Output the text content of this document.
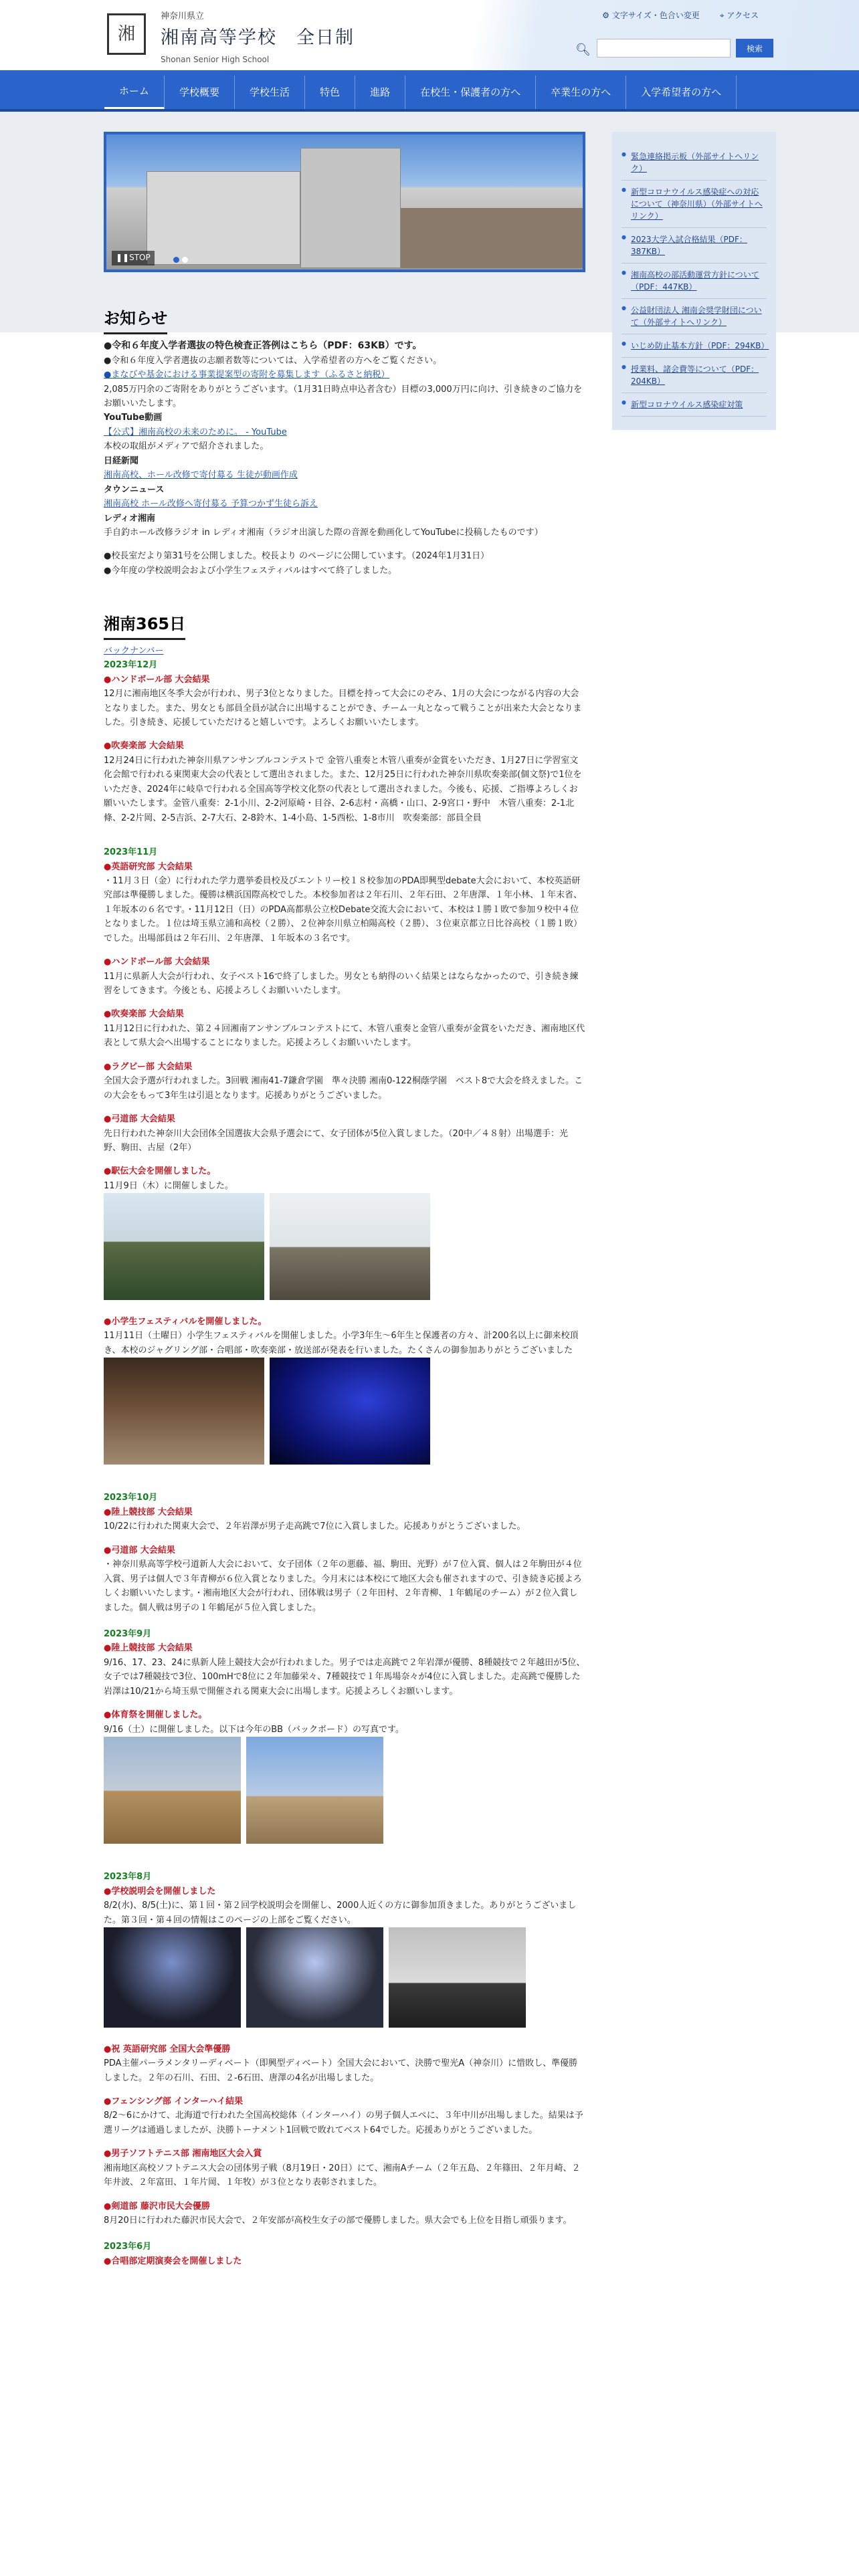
湘
神奈川県立
湘南高等学校　全日制
Shonan Senior High School
⚙ 文字サイズ・色合い変更	⌖ アクセス
🔍︎	検索
ホーム	学校概要	学校生活	特色	進路	在校生・保護者の方へ	卒業生の方へ	入学希望者の方へ
● 緊急連絡掲示板（外部サイトへリンク）
● 新型コロナウイルス感染症への対応について（神奈川県）（外部サイトへリンク）
● 2023大学入試合格結果（PDF：387KB）
● 湘南高校の部活動運営方針について（PDF：447KB）
● 公益財団法人 湘南会奨学財団について（外部サイトへリンク）
● いじめ防止基本方針（PDF：294KB）
● 授業料、諸会費等について（PDF：204KB）
● 新型コロナウイルス感染症対策
❚❚STOP
お知らせ
●令和６年度入学者選抜の特色検査正答例はこちら（PDF：63KB）です。
●令和６年度入学者選抜の志願者数等については、入学希望者の方へをご覧ください。
●まなびや基金における事業提案型の寄附を募集します（ふるさと納税）
2,085万円余のご寄附をありがとうございます。（1月31日時点申込者含む）目標の3,000万円に向け、引き続きのご協力をお願いいたします。
YouTube動画
【公式】湘南高校の未来のために。 - YouTube
本校の取組がメディアで紹介されました。
日経新聞
湘南高校、ホール改修で寄付募る 生徒が動画作成
タウンニュース
湘南高校 ホール改修へ寄付募る 予算つかず生徒ら訴え
レディオ湘南
手自釣ホール改修ラジオ in レディオ湘南（ラジオ出演した際の音源を動画化してYouTubeに投稿したものです）
●校長室だより第31号を公開しました。校長より のページに公開しています。（2024年1月31日）
●今年度の学校説明会および小学生フェスティバルはすべて終了しました。
湘南365日
バックナンバー
2023年12月
●ハンドボール部 大会結果
12月に湘南地区冬季大会が行われ、男子3位となりました。目標を持って大会にのぞみ、1月の大会につながる内容の大会となりました。また、男女とも部員全員が試合に出場することができ、チーム一丸となって戦うことが出来た大会となりました。引き続き、応援していただけると嬉しいです。よろしくお願いいたします。
●吹奏楽部 大会結果
12月24日に行われた神奈川県アンサンブルコンテストで 金管八重奏と木管八重奏が金賞をいただき、1月27日に学習室文化会館で行われる東関東大会の代表として選出されました。また、12月25日に行われた神奈川県吹奏楽部(個文祭)で1位をいただき、2024年に岐阜で行われる全国高等学校文化祭の代表として選出されました。今後も、応援、ご指導よろしくお願いいたします。金管八重奏：2-1小川、2-2河原崎・目谷、2-6志村・高橋・山口、2-9宮口・野中　木管八重奏：2-1北條、2-2片岡、2-5吉浜、2-7大石、2-8鈴木、1-4小島、1-5西松、1-8市川　吹奏楽部：部員全員
2023年11月
●英語研究部 大会結果
・11月３日（金）に行われた学力選挙委員校及びエントリー校１８校参加のPDA即興型debate大会において、本校英語研究部は準優勝しました。優勝は横浜国際高校でした。本校参加者は２年石川、２年石田、２年唐澤、１年小林、１年末省、１年坂本の６名です。・11月12日（日）のPDA高都県公立校Debate交流大会において、本校は１勝１敗で参加９校中４位となりました。１位は埼玉県立浦和高校（２勝）、２位神奈川県立柏陽高校（２勝）、３位東京都立日比谷高校（１勝１敗）でした。出場部員は２年石川、２年唐澤、１年坂本の３名です。
●ハンドボール部 大会結果
11月に県新人大会が行われ、女子ベスト16で終了しました。男女とも納得のいく結果とはならなかったので、引き続き練習をしてきます。今後とも、応援よろしくお願いいたします。
●吹奏楽部 大会結果
11月12日に行われた、第２４回湘南アンサンブルコンテストにて、木管八重奏と金管八重奏が金賞をいただき、湘南地区代表として県大会へ出場することになりました。応援よろしくお願いいたします。
●ラグビー部 大会結果
全国大会予選が行われました。3回戦 湘南41-7鎌倉学園　準々決勝 湘南0-122桐蔭学園　ベスト8で大会を終えました。この大会をもって3年生は引退となります。応援ありがとうございました。
●弓道部 大会結果
先日行われた神奈川大会団体全国選抜大会県予選会にて、女子団体が5位入賞しました。（20中／４８射）出場選手：光野、駒田、古屋（2年）
●駅伝大会を開催しました。
11月9日（木）に開催しました。
●小学生フェスティバルを開催しました。
11月11日（土曜日）小学生フェスティバルを開催しました。小学3年生～6年生と保護者の方々、計200名以上に御来校頂き、本校のジャグリング部・合唱部・吹奏楽部・放送部が発表を行いました。たくさんの御参加ありがとうございました
2023年10月
●陸上競技部 大会結果
10/22に行われた関東大会で、２年岩澤が男子走高跳で7位に入賞しました。応援ありがとうございました。
●弓道部 大会結果
・神奈川県高等学校弓道新人大会において、女子団体（２年の悪藤、福、駒田、光野）が７位入賞、個人は２年駒田が４位入賞、男子は個人で３年青柳が６位入賞となりました。今月末には本校にて地区大会も催されますので、引き続き応援よろしくお願いいたします。・湘南地区大会が行われ、団体戦は男子（２年田村、２年青柳、１年鶴尾のチーム）が２位入賞しました。個人戦は男子の１年鶴尾が５位入賞しました。
2023年9月
●陸上競技部 大会結果
9/16、17、23、24に県新人陸上競技大会が行われました。男子では走高跳で２年岩澤が優勝、8種競技で２年越田が5位、女子では7種競技で3位、100mHで8位に２年加藤栄々、7種競技で１年馬場奈々が4位に入賞しました。走高跳で優勝した岩澤は10/21から埼玉県で開催される関東大会に出場します。応援よろしくお願いします。
●体育祭を開催しました。
9/16（土）に開催しました。以下は今年のBB（バックボード）の写真です。
2023年8月
●学校説明会を開催しました
8/2(水)、8/5(土)に、第１回・第２回学校説明会を開催し、2000人近くの方に御参加頂きました。ありがとうございました。第３回・第４回の情報はこのページの上部をご覧ください。
●祝 英語研究部 全国大会準優勝
PDA主催パーラメンタリーディベート（即興型ディベート）全国大会において、決勝で聖光A（神奈川）に惜敗し、準優勝しました。２年の石川、石田、２-6石田、唐澤の4名が出場しました。
●フェンシング部 インターハイ結果
8/2～6にかけて、北海道で行われた全国高校総体（インターハイ）の男子個人エペに、３年中川が出場しました。結果は予選リーグは通過しましたが、決勝トーナメント1回戦で敗れてベスト64でした。応援ありがとうございました。
●男子ソフトテニス部 湘南地区大会入賞
湘南地区高校ソフトテニス大会の団体男子戦（8月19日・20日）にて、湘南Aチーム（２年五島、２年篠田、２年月崎、２年井波、２年富田、１年片岡、１年牧）が３位となり表彰されました。
●剣道部 藤沢市民大会優勝
8月20日に行われた藤沢市民大会で、２年安部が高校生女子の部で優勝しました。県大会でも上位を目指し頑張ります。
2023年6月
●合唱部定期演奏会を開催しました
